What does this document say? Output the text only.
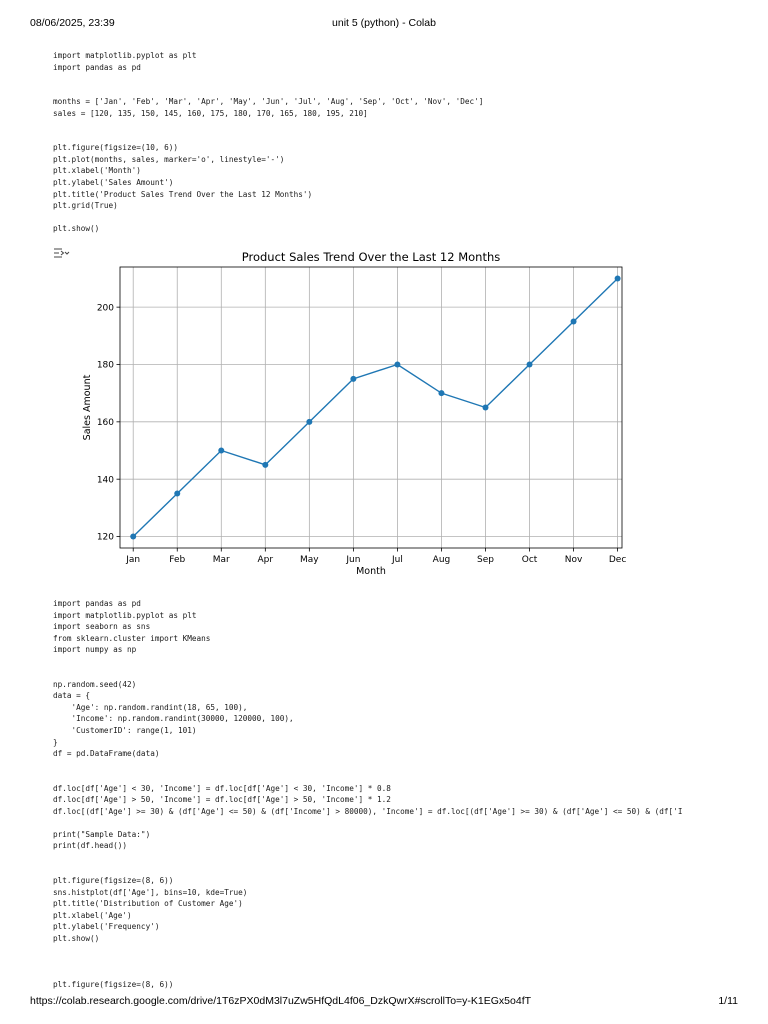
08/06/2025, 23:39	unit 5 (python) - Colab
import matplotlib.pyplot as plt
import pandas as pd
months = ['Jan', 'Feb', 'Mar', 'Apr', 'May', 'Jun', 'Jul', 'Aug', 'Sep', 'Oct', 'Nov', 'Dec']
sales = [120, 135, 150, 145, 160, 175, 180, 170, 165, 180, 195, 210]
plt.figure(figsize=(10, 6))
plt.plot(months, sales, marker='o', linestyle='-')
plt.xlabel('Month')
plt.ylabel('Sales Amount')
plt.title('Product Sales Trend Over the Last 12 Months')
plt.grid(True)
plt.show()
Jan	Feb	Mar	Apr	May	Jun	Jul	Aug	Sep	Oct	Nov	Dec
120
140
160
180
200
Product Sales Trend Over the Last 12 Months
Month
Sales Amount
import pandas as pd
import matplotlib.pyplot as plt
import seaborn as sns
from sklearn.cluster import KMeans
import numpy as np
np.random.seed(42)
data = {
'Age': np.random.randint(18, 65, 100),
'Income': np.random.randint(30000, 120000, 100),
'CustomerID': range(1, 101)
}
df = pd.DataFrame(data)
df.loc[df['Age'] < 30, 'Income'] = df.loc[df['Age'] < 30, 'Income'] * 0.8
df.loc[df['Age'] > 50, 'Income'] = df.loc[df['Age'] > 50, 'Income'] * 1.2
df.loc[(df['Age'] >= 30) & (df['Age'] <= 50) & (df['Income'] > 80000), 'Income'] = df.loc[(df['Age'] >= 30) & (df['Age'] <= 50) & (df['I
print("Sample Data:")
print(df.head())
plt.figure(figsize=(8, 6))
sns.histplot(df['Age'], bins=10, kde=True)
plt.title('Distribution of Customer Age')
plt.xlabel('Age')
plt.ylabel('Frequency')
plt.show()
plt.figure(figsize=(8, 6))
https://colab.research.google.com/drive/1T6zPX0dM3l7uZw5HfQdL4f06_DzkQwrX#scrollTo=y-K1EGx5o4fT	1/11
